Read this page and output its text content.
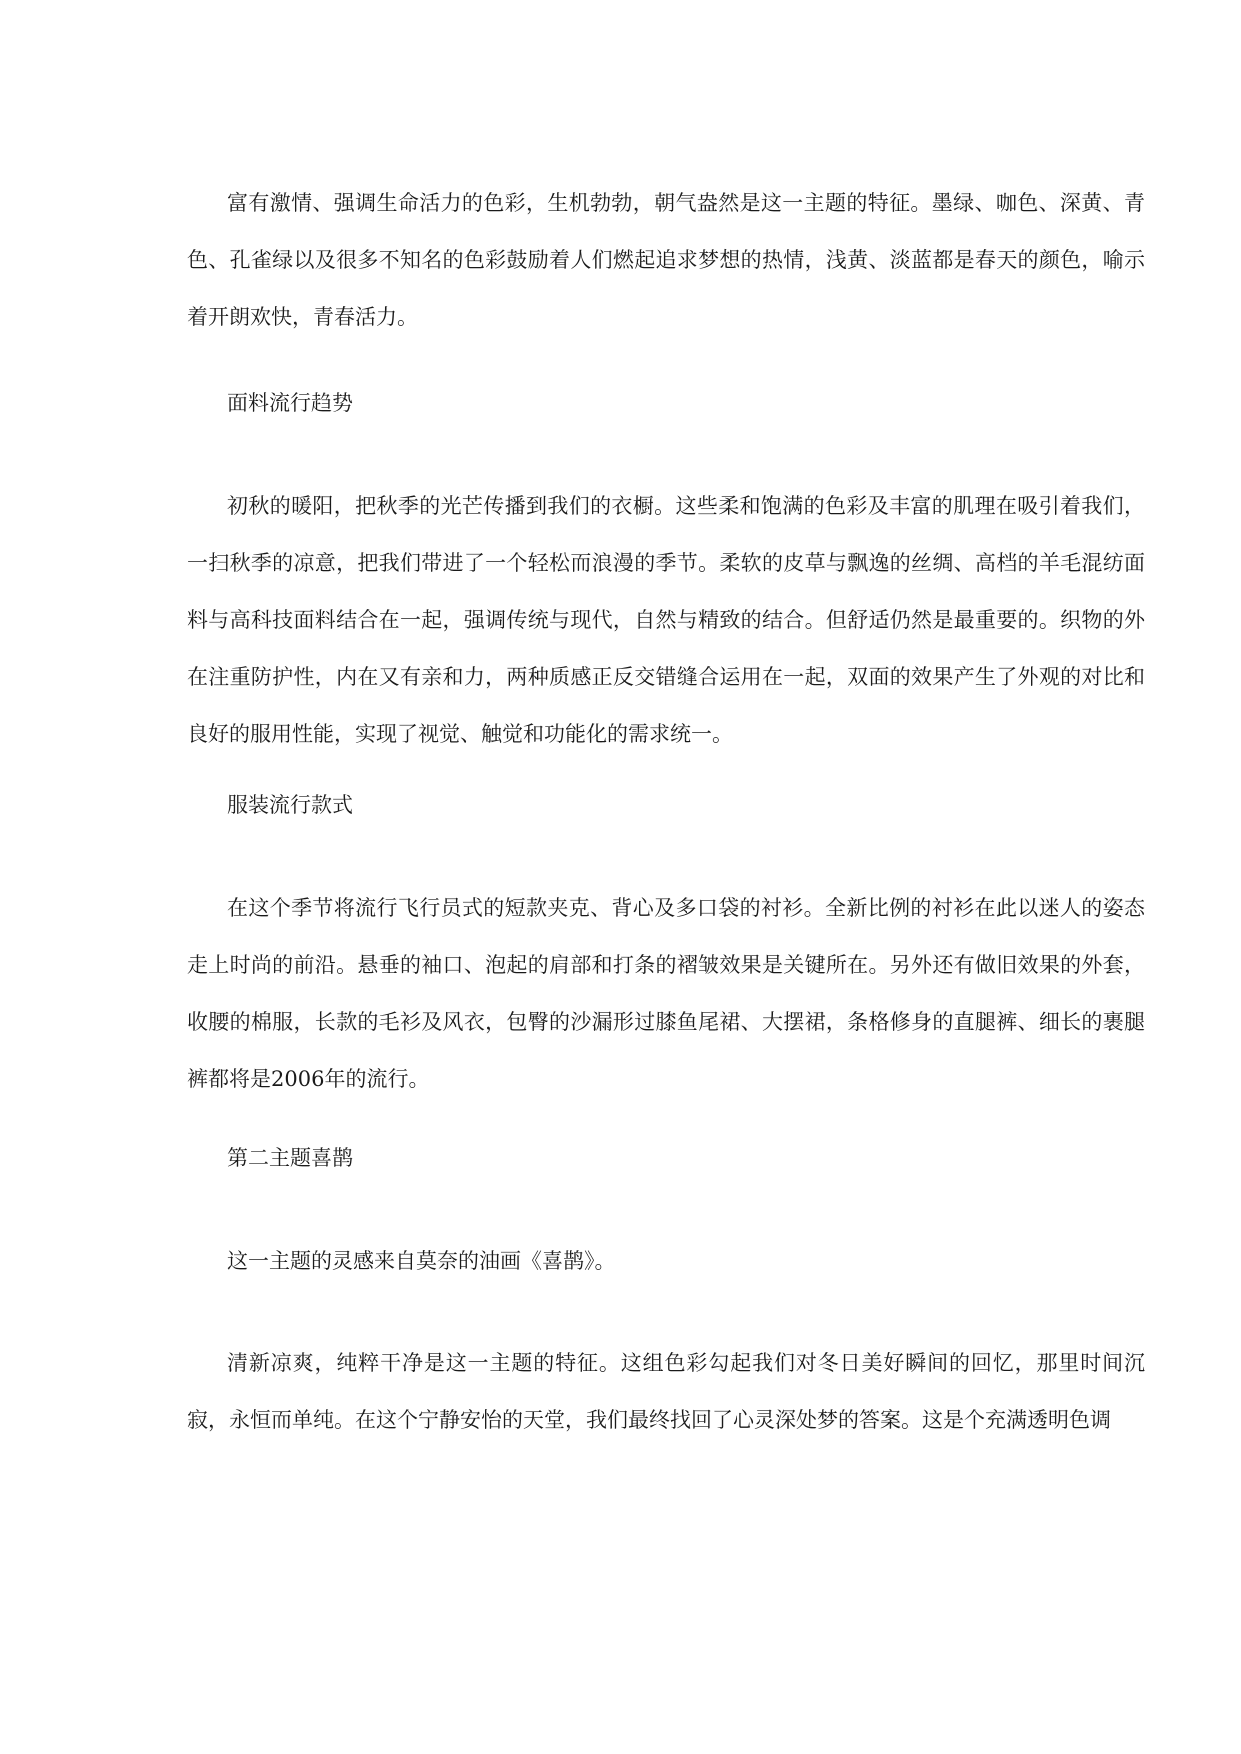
富有激情、强调生命活力的色彩，生机勃勃，朝气盎然是这一主题的特征。墨绿、咖色、深黄、青色、孔雀绿以及很多不知名的色彩鼓励着人们燃起追求梦想的热情，浅黄、淡蓝都是春天的颜色，喻示着开朗欢快，青春活力。

面料流行趋势

初秋的暖阳，把秋季的光芒传播到我们的衣橱。这些柔和饱满的色彩及丰富的肌理在吸引着我们，一扫秋季的凉意，把我们带进了一个轻松而浪漫的季节。柔软的皮草与飘逸的丝绸、高档的羊毛混纺面料与高科技面料结合在一起，强调传统与现代，自然与精致的结合。但舒适仍然是最重要的。织物的外在注重防护性，内在又有亲和力，两种质感正反交错缝合运用在一起，双面的效果产生了外观的对比和良好的服用性能，实现了视觉、触觉和功能化的需求统一。

服装流行款式

在这个季节将流行飞行员式的短款夹克、背心及多口袋的衬衫。全新比例的衬衫在此以迷人的姿态走上时尚的前沿。悬垂的袖口、泡起的肩部和打条的褶皱效果是关键所在。另外还有做旧效果的外套，收腰的棉服，长款的毛衫及风衣，包臀的沙漏形过膝鱼尾裙、大摆裙，条格修身的直腿裤、细长的裹腿裤都将是2006年的流行。

第二主题喜鹊

这一主题的灵感来自莫奈的油画《喜鹊》。

清新凉爽，纯粹干净是这一主题的特征。这组色彩勾起我们对冬日美好瞬间的回忆，那里时间沉寂，永恒而单纯。在这个宁静安怡的天堂，我们最终找回了心灵深处梦的答案。这是个充满透明色调
